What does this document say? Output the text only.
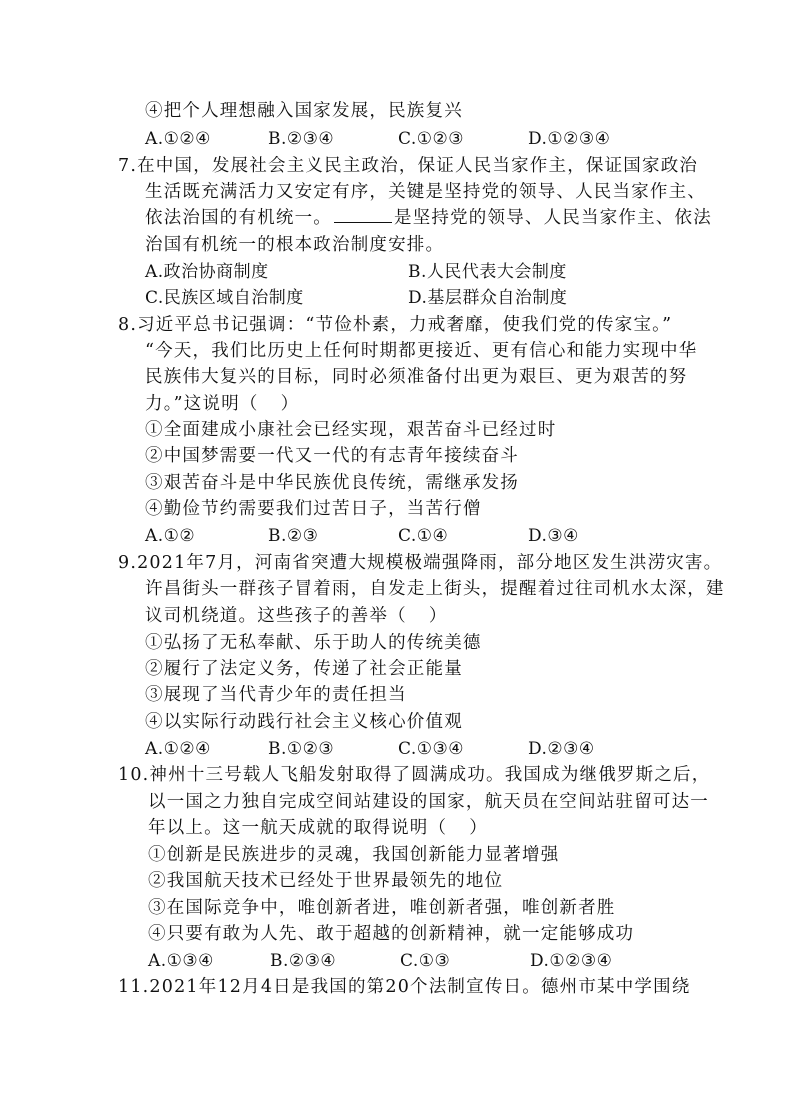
④把个人理想融入国家发展，民族复兴
A.①②④	B.②③④	C.①②③	D.①②③④
7.在中国，发展社会主义民主政治，保证人民当家作主，保证国家政治
生活既充满活力又安定有序，关键是坚持党的领导、人民当家作主、
依法治国的有机统一。	是坚持党的领导、人民当家作主、依法
治国有机统一的根本政治制度安排。
A.政治协商制度	B.人民代表大会制度
C.民族区域自治制度	D.基层群众自治制度
8.习近平总书记强调：“节俭朴素，力戒奢靡，使我们党的传家宝。”
“今天，我们比历史上任何时期都更接近、更有信心和能力实现中华
民族伟大复兴的目标，同时必须准备付出更为艰巨、更为艰苦的努
力。”这说明（ ）
①全面建成小康社会已经实现，艰苦奋斗已经过时
②中国梦需要一代又一代的有志青年接续奋斗
③艰苦奋斗是中华民族优良传统，需继承发扬
④勤俭节约需要我们过苦日子，当苦行僧
A.①②	B.②③	C.①④	D.③④
9.2021年7月，河南省突遭大规模极端强降雨，部分地区发生洪涝灾害。
许昌街头一群孩子冒着雨，自发走上街头，提醒着过往司机水太深，建
议司机绕道。这些孩子的善举（ ）
①弘扬了无私奉献、乐于助人的传统美德
②履行了法定义务，传递了社会正能量
③展现了当代青少年的责任担当
④以实际行动践行社会主义核心价值观
A.①②④	B.①②③	C.①③④	D.②③④
10.神州十三号载人飞船发射取得了圆满成功。我国成为继俄罗斯之后，
以一国之力独自完成空间站建设的国家，航天员在空间站驻留可达一
年以上。这一航天成就的取得说明（ ）
①创新是民族进步的灵魂，我国创新能力显著增强
②我国航天技术已经处于世界最领先的地位
③在国际竞争中，唯创新者进，唯创新者强，唯创新者胜
④只要有敢为人先、敢于超越的创新精神，就一定能够成功
A.①③④	B.②③④	C.①③	D.①②③④
11.2021年12月4日是我国的第20个法制宣传日。德州市某中学围绕
